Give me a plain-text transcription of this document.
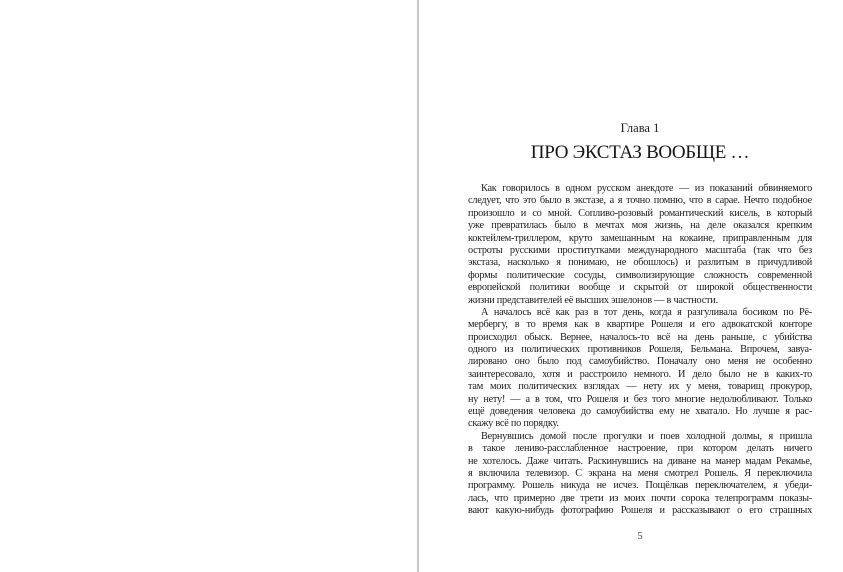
Глава 1
ПРО ЭКСТАЗ ВООБЩЕ …
Как говорилось в одном русском анекдоте — из показаний обвиняемого
следует, что это было в экстазе, а я точно помню, что в сарае. Нечто подобное
произошло и со мной. Сопливо-розовый романтический кисель, в который
уже превратилась было в мечтах моя жизнь, на деле оказался крепким
коктейлем-триллером, круто замешанным на кокаине, приправленным для
остроты русскими проститутками международного масштаба (так что без
экстаза, насколько я понимаю, не обошлось) и разлитым в причудливой
формы политические сосуды, символизирующие сложность современной
европейской политики вообще и скрытой от широкой общественности
жизни представителей её высших эшелонов — в частности.
А началось всё как раз в тот день, когда я разгуливала босиком по Рё-
мербергу, в то время как в квартире Рошеля и его адвокатской конторе
происходил обыск. Вернее, началось-то всё на день раньше, с убийства
одного из политических противников Рошеля, Бельмана. Впрочем, завуа-
лировано оно было под самоубийство. Поначалу оно меня не особенно
заинтересовало, хотя и расстроило немного. И дело было не в каких-то
там моих политических взглядах — нету их у меня, товарищ прокурор,
ну нету! — а в том, что Рошеля и без того многие недолюбливают. Только
ещё доведения человека до самоубийства ему не хватало. Но лучше я рас-
скажу всё по порядку.
Вернувшись домой после прогулки и поев холодной долмы, я пришла
в такое лениво-расслабленное настроение, при котором делать ничего
не хотелось. Даже читать. Раскинувшись на диване на манер мадам Рекамье,
я включила телевизор. С экрана на меня смотрел Рошель. Я переключила
программу. Рошель никуда не исчез. Пощёлкав переключателем, я убеди-
лась, что примерно две трети из моих почти сорока телепрограмм показы-
вают какую-нибудь фотографию Рошеля и рассказывают о его страшных
5
